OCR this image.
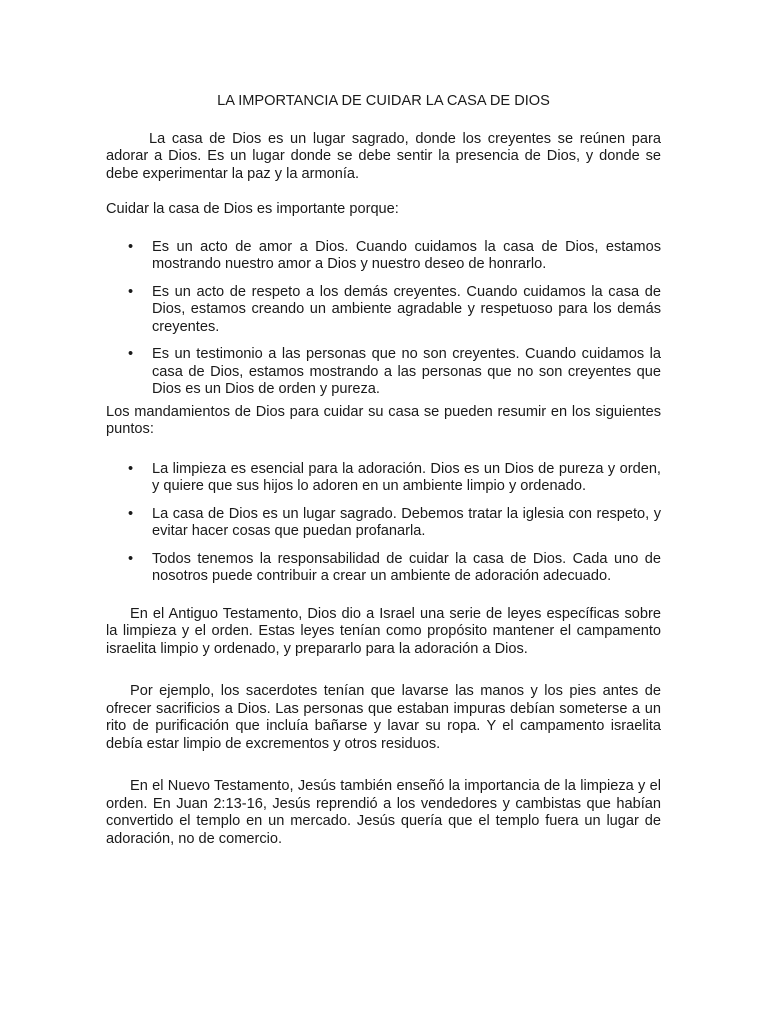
LA IMPORTANCIA DE CUIDAR LA CASA DE DIOS

La casa de Dios es un lugar sagrado, donde los creyentes se reúnen para adorar a Dios. Es un lugar donde se debe sentir la presencia de Dios, y donde se debe experimentar la paz y la armonía.

Cuidar la casa de Dios es importante porque:

• Es un acto de amor a Dios. Cuando cuidamos la casa de Dios, estamos mostrando nuestro amor a Dios y nuestro deseo de honrarlo.
• Es un acto de respeto a los demás creyentes. Cuando cuidamos la casa de Dios, estamos creando un ambiente agradable y respetuoso para los demás creyentes.
• Es un testimonio a las personas que no son creyentes. Cuando cuidamos la casa de Dios, estamos mostrando a las personas que no son creyentes que Dios es un Dios de orden y pureza.

Los mandamientos de Dios para cuidar su casa se pueden resumir en los siguientes puntos:

• La limpieza es esencial para la adoración. Dios es un Dios de pureza y orden, y quiere que sus hijos lo adoren en un ambiente limpio y ordenado.
• La casa de Dios es un lugar sagrado. Debemos tratar la iglesia con respeto, y evitar hacer cosas que puedan profanarla.
• Todos tenemos la responsabilidad de cuidar la casa de Dios. Cada uno de nosotros puede contribuir a crear un ambiente de adoración adecuado.

En el Antiguo Testamento, Dios dio a Israel una serie de leyes específicas sobre la limpieza y el orden. Estas leyes tenían como propósito mantener el campamento israelita limpio y ordenado, y prepararlo para la adoración a Dios.

Por ejemplo, los sacerdotes tenían que lavarse las manos y los pies antes de ofrecer sacrificios a Dios. Las personas que estaban impuras debían someterse a un rito de purificación que incluía bañarse y lavar su ropa. Y el campamento israelita debía estar limpio de excrementos y otros residuos.

En el Nuevo Testamento, Jesús también enseñó la importancia de la limpieza y el orden. En Juan 2:13-16, Jesús reprendió a los vendedores y cambistas que habían convertido el templo en un mercado. Jesús quería que el templo fuera un lugar de adoración, no de comercio.
